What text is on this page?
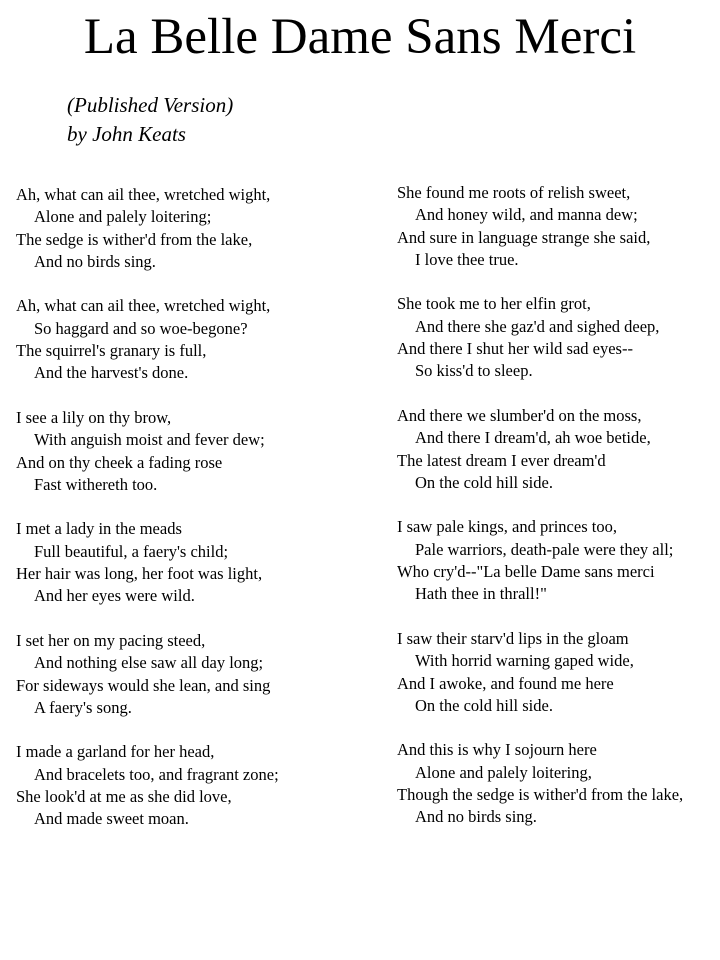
La Belle Dame Sans Merci
(Published Version)
by John Keats
Ah, what can ail thee, wretched wight,
Alone and palely loitering;
The sedge is wither'd from the lake,
And no birds sing.
Ah, what can ail thee, wretched wight,
So haggard and so woe-begone?
The squirrel's granary is full,
And the harvest's done.
I see a lily on thy brow,
With anguish moist and fever dew;
And on thy cheek a fading rose
Fast withereth too.
I met a lady in the meads
Full beautiful, a faery's child;
Her hair was long, her foot was light,
And her eyes were wild.
I set her on my pacing steed,
And nothing else saw all day long;
For sideways would she lean, and sing
A faery's song.
I made a garland for her head,
And bracelets too, and fragrant zone;
She look'd at me as she did love,
And made sweet moan.
She found me roots of relish sweet,
And honey wild, and manna dew;
And sure in language strange she said,
I love thee true.
She took me to her elfin grot,
And there she gaz'd and sighed deep,
And there I shut her wild sad eyes--
So kiss'd to sleep.
And there we slumber'd on the moss,
And there I dream'd, ah woe betide,
The latest dream I ever dream'd
On the cold hill side.
I saw pale kings, and princes too,
Pale warriors, death-pale were they all;
Who cry'd--"La belle Dame sans merci
Hath thee in thrall!"
I saw their starv'd lips in the gloam
With horrid warning gaped wide,
And I awoke, and found me here
On the cold hill side.
And this is why I sojourn here
Alone and palely loitering,
Though the sedge is wither'd from the lake,
And no birds sing.
